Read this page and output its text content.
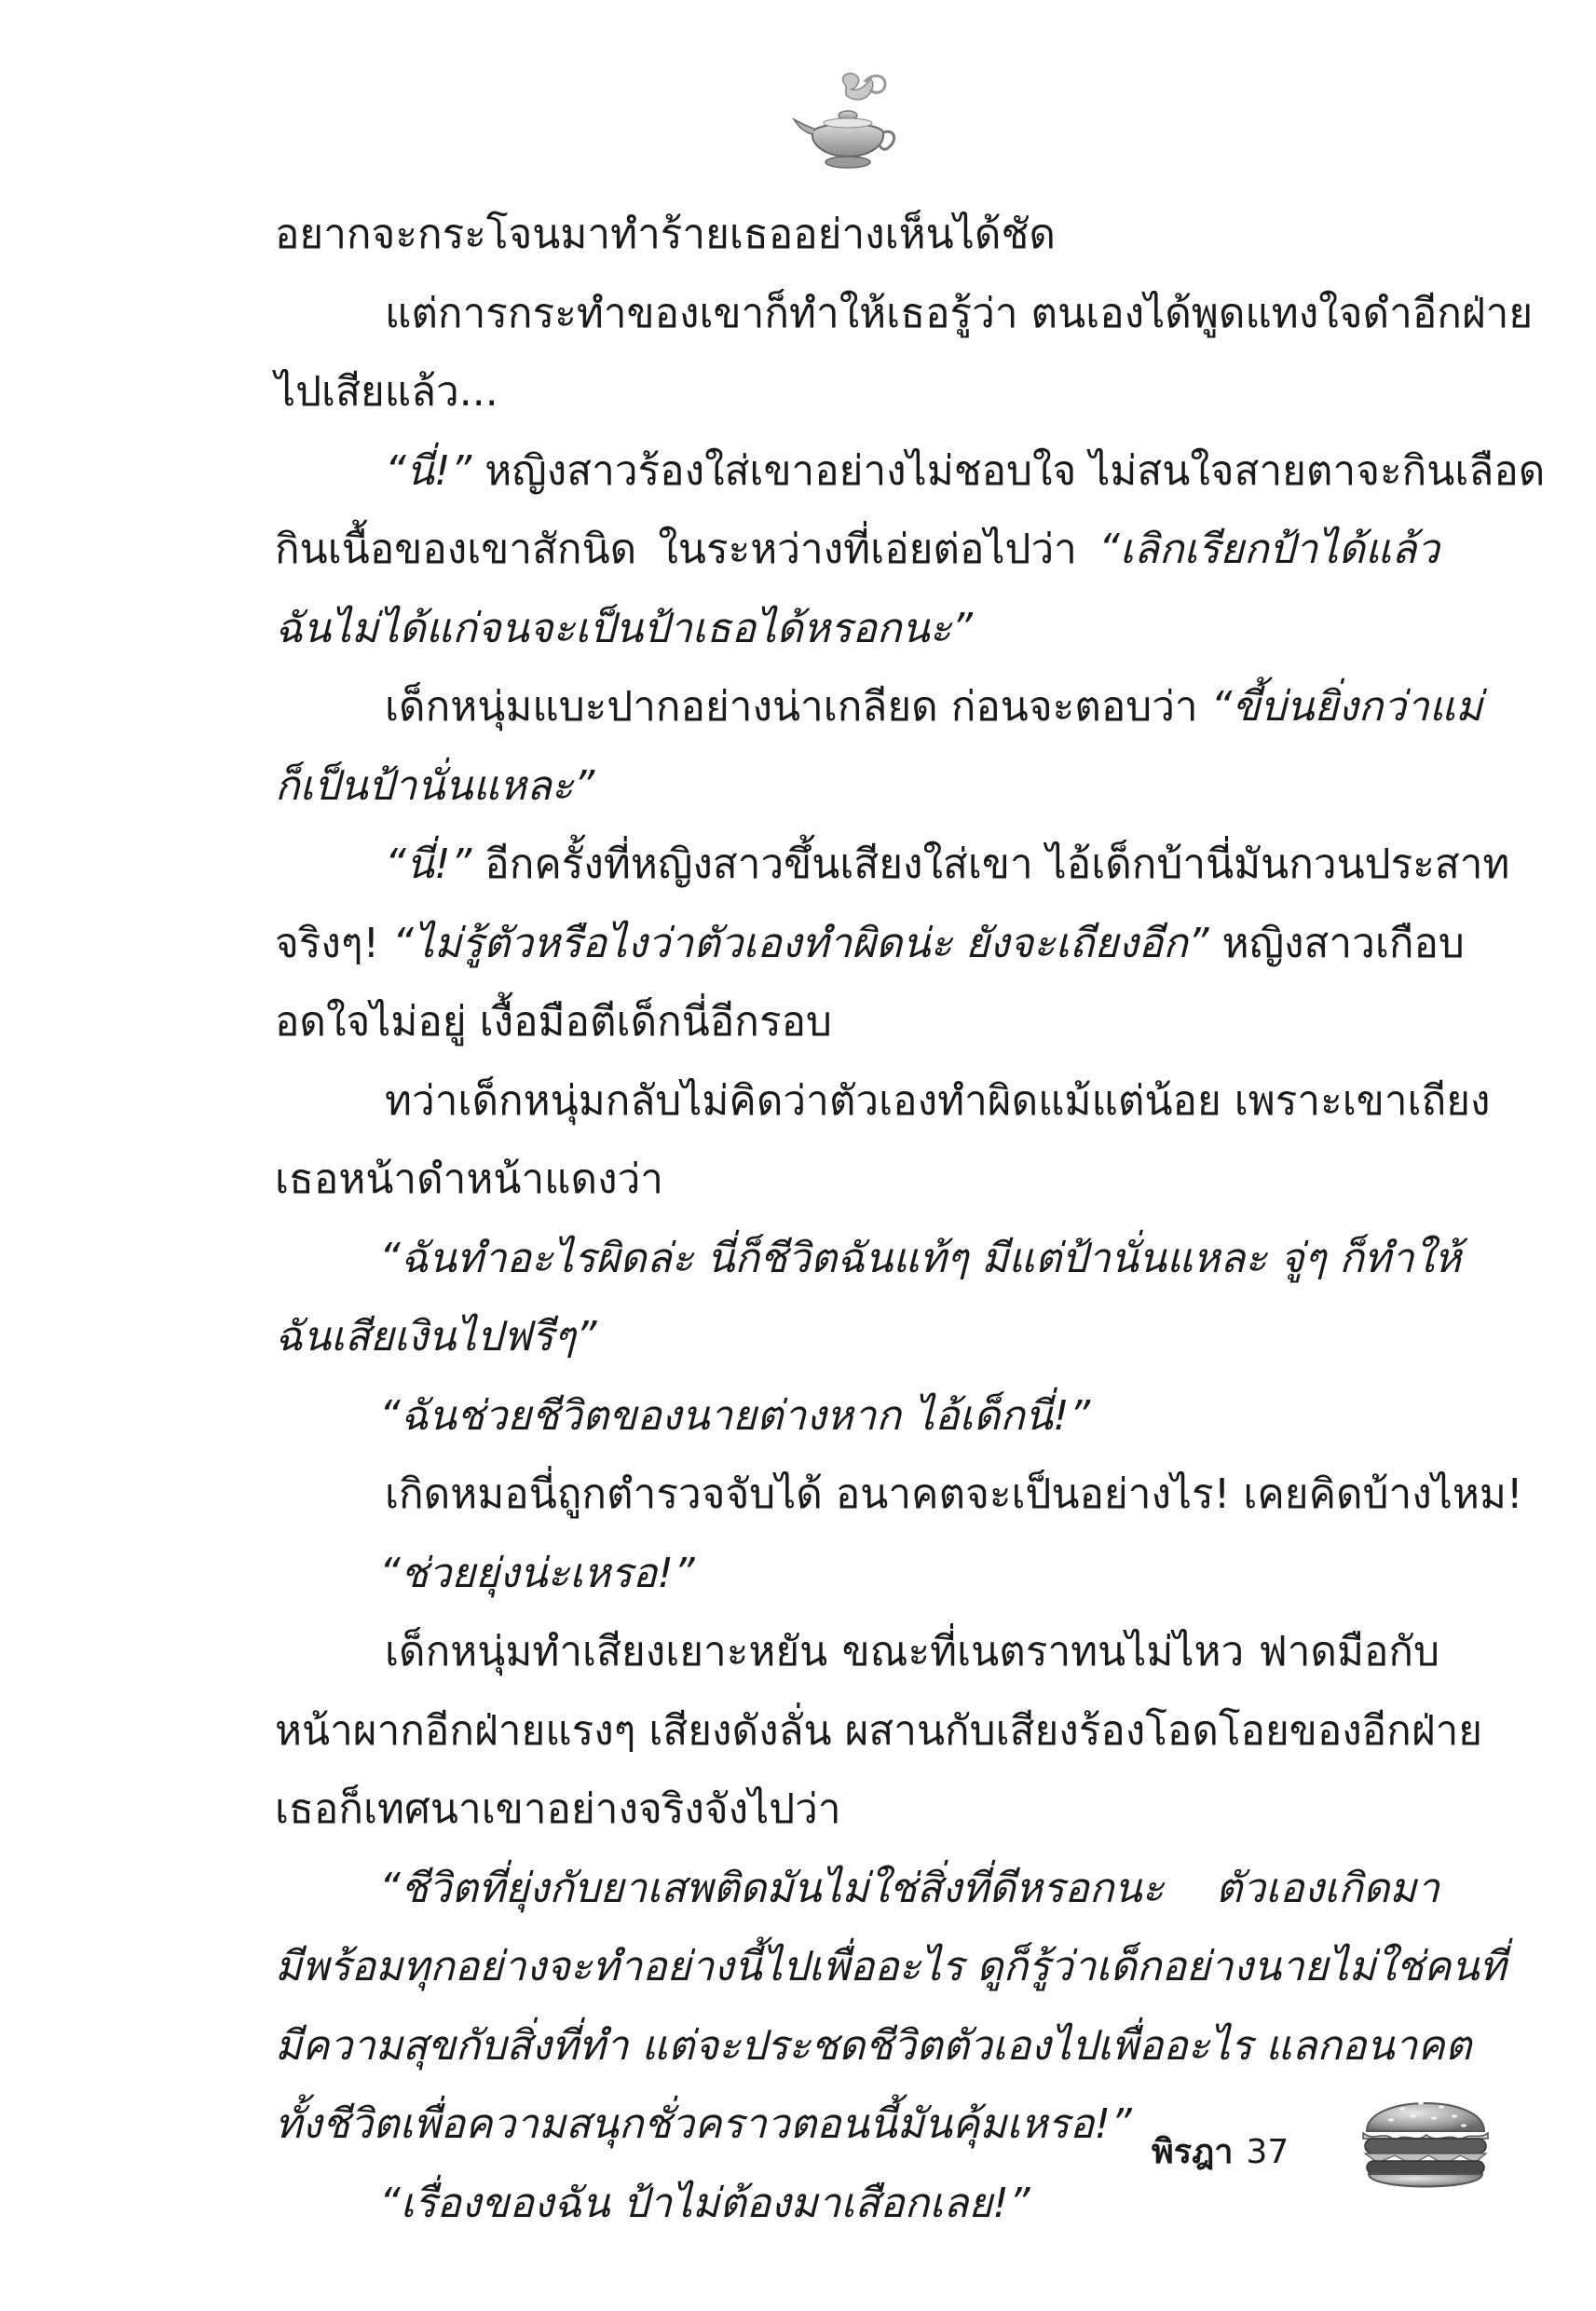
อยากจะกระโจนมาทำร้ายเธออย่างเห็นได้ชัด
แต่การกระทำของเขาก็ทำให้เธอรู้ว่า ตนเองได้พูดแทงใจดำอีกฝ่าย
ไปเสียแล้ว...
“นี่!” หญิงสาวร้องใส่เขาอย่างไม่ชอบใจ ไม่สนใจสายตาจะกินเลือด
กินเนื้อของเขาสักนิด ในระหว่างที่เอ่ยต่อไปว่า “เลิกเรียกป้าได้แล้ว
ฉันไม่ได้แก่จนจะเป็นป้าเธอได้หรอกนะ”
เด็กหนุ่มแบะปากอย่างน่าเกลียด ก่อนจะตอบว่า “ขี้บ่นยิ่งกว่าแม่
ก็เป็นป้านั่นแหละ”
“นี่!” อีกครั้งที่หญิงสาวขึ้นเสียงใส่เขา ไอ้เด็กบ้านี่มันกวนประสาท
จริงๆ! “ไม่รู้ตัวหรือไงว่าตัวเองทำผิดน่ะ ยังจะเถียงอีก” หญิงสาวเกือบ
อดใจไม่อยู่ เงื้อมือตีเด็กนี่อีกรอบ
ทว่าเด็กหนุ่มกลับไม่คิดว่าตัวเองทำผิดแม้แต่น้อย เพราะเขาเถียง
เธอหน้าดำหน้าแดงว่า
“ฉันทำอะไรผิดล่ะ นี่ก็ชีวิตฉันแท้ๆ มีแต่ป้านั่นแหละ จู่ๆ ก็ทำให้
ฉันเสียเงินไปฟรีๆ”
“ฉันช่วยชีวิตของนายต่างหาก ไอ้เด็กนี่!”
เกิดหมอนี่ถูกตำรวจจับได้ อนาคตจะเป็นอย่างไร! เคยคิดบ้างไหม!
“ช่วยยุ่งน่ะเหรอ!”
เด็กหนุ่มทำเสียงเยาะหยัน ขณะที่เนตราทนไม่ไหว ฟาดมือกับ
หน้าผากอีกฝ่ายแรงๆ เสียงดังลั่น ผสานกับเสียงร้องโอดโอยของอีกฝ่าย
เธอก็เทศนาเขาอย่างจริงจังไปว่า
“ชีวิตที่ยุ่งกับยาเสพติดมันไม่ใช่สิ่งที่ดีหรอกนะ ตัวเองเกิดมา
มีพร้อมทุกอย่างจะทำอย่างนี้ไปเพื่ออะไร ดูก็รู้ว่าเด็กอย่างนายไม่ใช่คนที่
มีความสุขกับสิ่งที่ทำ แต่จะประชดชีวิตตัวเองไปเพื่ออะไร แลกอนาคต
ทั้งชีวิตเพื่อความสนุกชั่วคราวตอนนี้มันคุ้มเหรอ!”
“เรื่องของฉัน ป้าไม่ต้องมาเสือกเลย!”
พิรฎา 37
